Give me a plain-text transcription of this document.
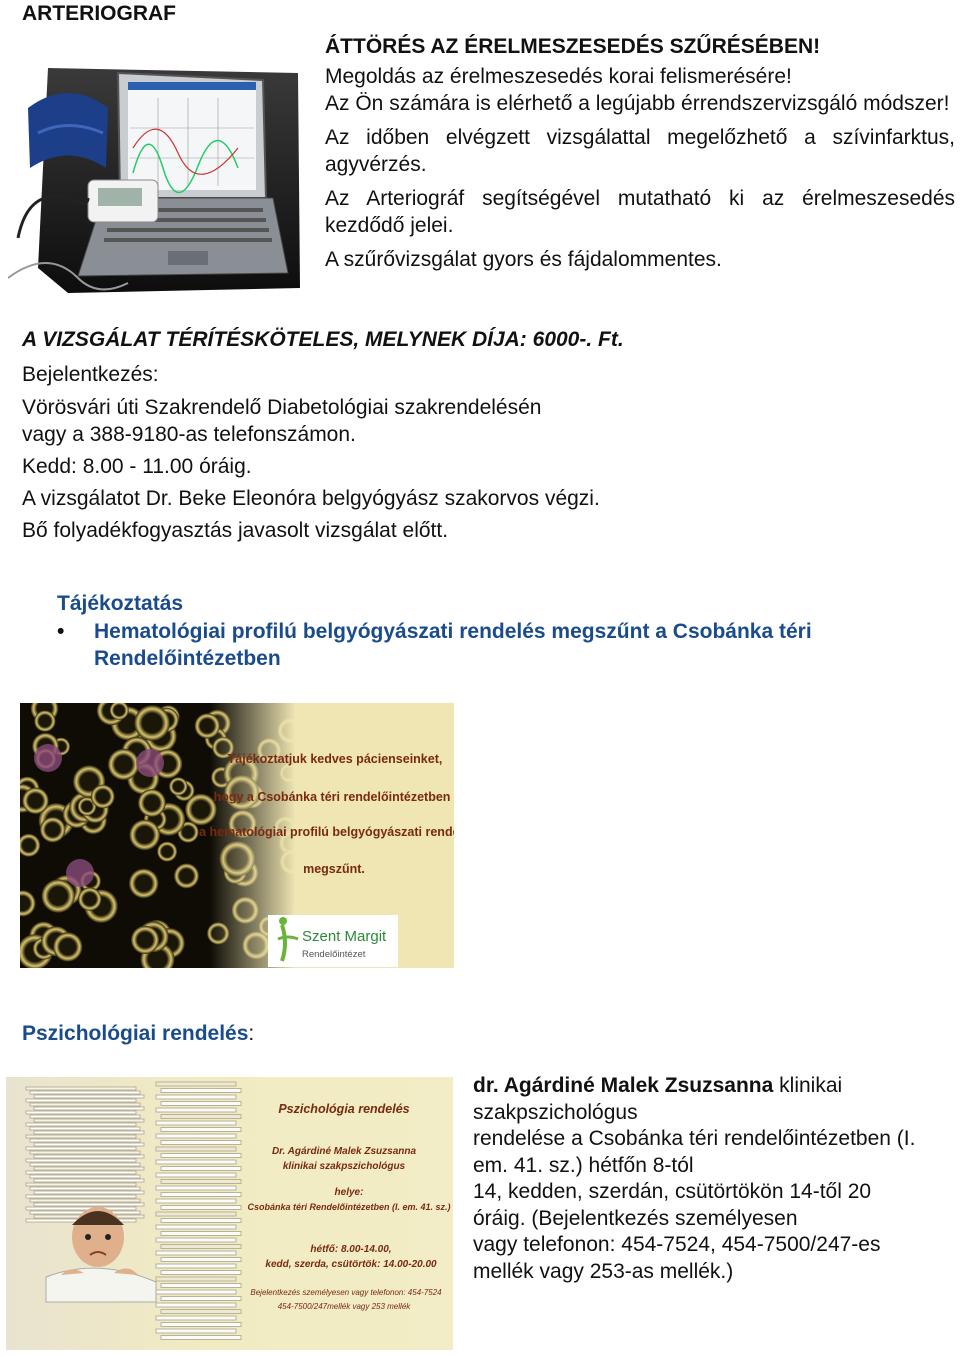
ARTERIOGRAF

ÁTTÖRÉS AZ ÉRELMESZESEDÉS SZŰRÉSÉBEN!

Megoldás az érelmeszesedés korai felismerésére!

Az Ön számára is elérhető a legújabb érrendszervizsgáló módszer!

Az időben elvégzett vizsgálattal megelőzhető a szívinfarktus, agyvérzés.

Az Arteriográf segítségével mutatható ki az érelmeszesedés kezdődő jelei.

A szűrővizsgálat gyors és fájdalommentes.

A VIZSGÁLAT TÉRÍTÉSKÖTELES, MELYNEK DÍJA: 6000-. Ft.

Bejelentkezés:

Vörösvári úti Szakrendelő Diabetológiai szakrendelésén

vagy a 388-9180-as telefonszámon.

Kedd: 8.00 - 11.00 óráig.

A vizsgálatot Dr. Beke Eleonóra belgyógyász szakorvos végzi.

Bő folyadékfogyasztás javasolt vizsgálat előtt.

Tájékoztatás
• Hematológiai profilú belgyógyászati rendelés megszűnt a Csobánka téri Rendelőintézetben
Tájékoztatjuk kedves pácienseinket,
hogy a Csobánka téri rendelőintézetben
a hematológiai profilú belgyógyászati rendelés
megszűnt.
Szent Margit
Rendelőintézet
Pszichológiai rendelés:
Pszichológia rendelés
Dr. Agárdiné Malek Zsuzsanna
klinikai szakpszichológus
helye:
Csobánka téri Rendelőintézetben (I. em. 41. sz.)
hétfő: 8.00-14.00,
kedd, szerda, csütörtök: 14.00-20.00
Bejelentkezés személyesen vagy telefonon: 454-7524
454-7500/247mellék vagy 253 mellék

dr. Agárdiné Malek Zsuzsanna klinikai

szakpszichológus

rendelése a Csobánka téri rendelőintézetben (I.

em. 41. sz.) hétfőn 8-tól

14, kedden, szerdán, csütörtökön 14-től 20

óráig. (Bejelentkezés személyesen

vagy telefonon: 454-7524, 454-7500/247-es

mellék vagy 253-as mellék.)
